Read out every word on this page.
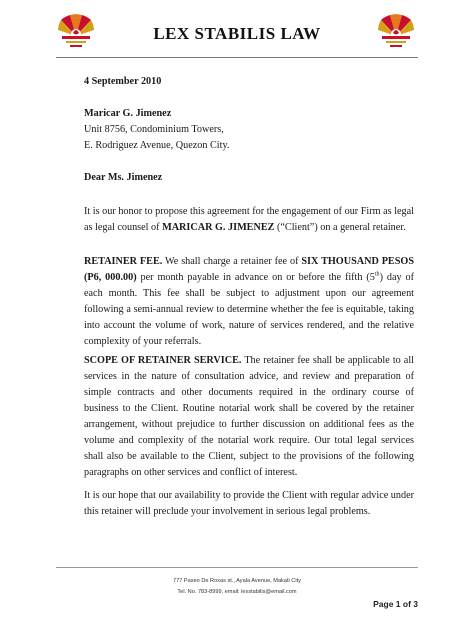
LEX STABILIS LAW
4 September 2010
Maricar G. Jimenez
Unit 8756, Condominium Towers,
E. Rodriguez Avenue, Quezon City.
Dear Ms. Jimenez
It is our honor to propose this agreement for the engagement of our Firm as legal as legal counsel of MARICAR G. JIMENEZ (“Client”) on a general retainer.
RETAINER FEE. We shall charge a retainer fee of SIX THOUSAND PESOS (P6, 000.00) per month payable in advance on or before the fifth (5th) day of each month. This fee shall be subject to adjustment upon our agreement following a semi-annual review to determine whether the fee is equitable, taking into account the volume of work, nature of services rendered, and the relative complexity of your referrals.
SCOPE OF RETAINER SERVICE. The retainer fee shall be applicable to all services in the nature of consultation advice, and review and preparation of simple contracts and other documents required in the ordinary course of business to the Client. Routine notarial work shall be covered by the retainer arrangement, without prejudice to further discussion on additional fees as the volume and complexity of the notarial work require. Our total legal services shall also be available to the Client, subject to the provisions of the following paragraphs on other services and conflict of interest.
It is our hope that our availability to provide the Client with regular advice under this retainer will preclude your involvement in serious legal problems.
777 Paseo De Roxas st., Ayala Avenue, Makati City
Tel. No. 783-8999, email: lexstabilis@email.com
Page 1 of 3
